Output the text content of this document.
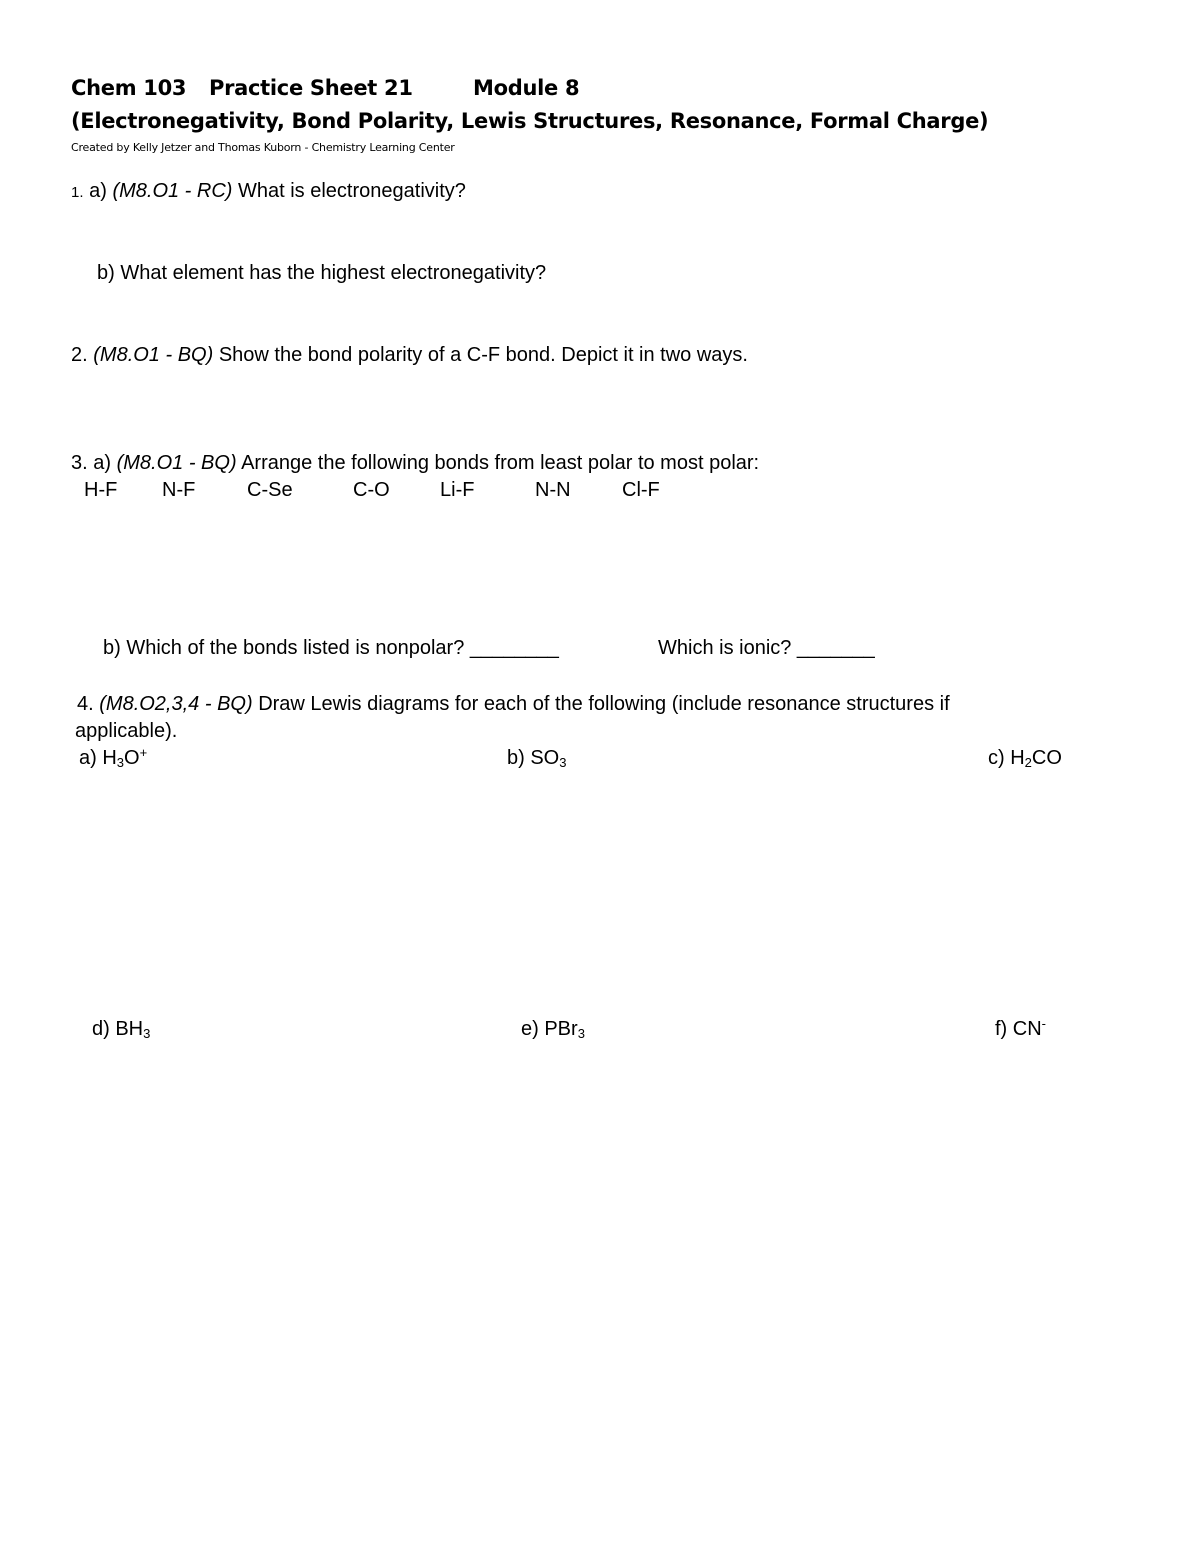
Chem 103 Practice Sheet 21	Module 8
(Electronegativity, Bond Polarity, Lewis Structures, Resonance, Formal Charge)
Created by Kelly Jetzer and Thomas Kuborn - Chemistry Learning Center
1. a) (M8.O1 - RC) What is electronegativity?
b) What element has the highest electronegativity?
2. (M8.O1 - BQ) Show the bond polarity of a C-F bond. Depict it in two ways.
3. a) (M8.O1 - BQ) Arrange the following bonds from least polar to most polar:
H-F N-F	C-Se	C-O	Li-F	N-N	Cl-F
b) Which of the bonds listed is nonpolar? ________	Which is ionic? _______
4. (M8.O2,3,4 - BQ) Draw Lewis diagrams for each of the following (include resonance structures if
applicable).
a) $H_3O^+$	b) $SO_3$	c) $H_2CO$
d) $BH_3$	e) PBr$_3$	f) CN-
